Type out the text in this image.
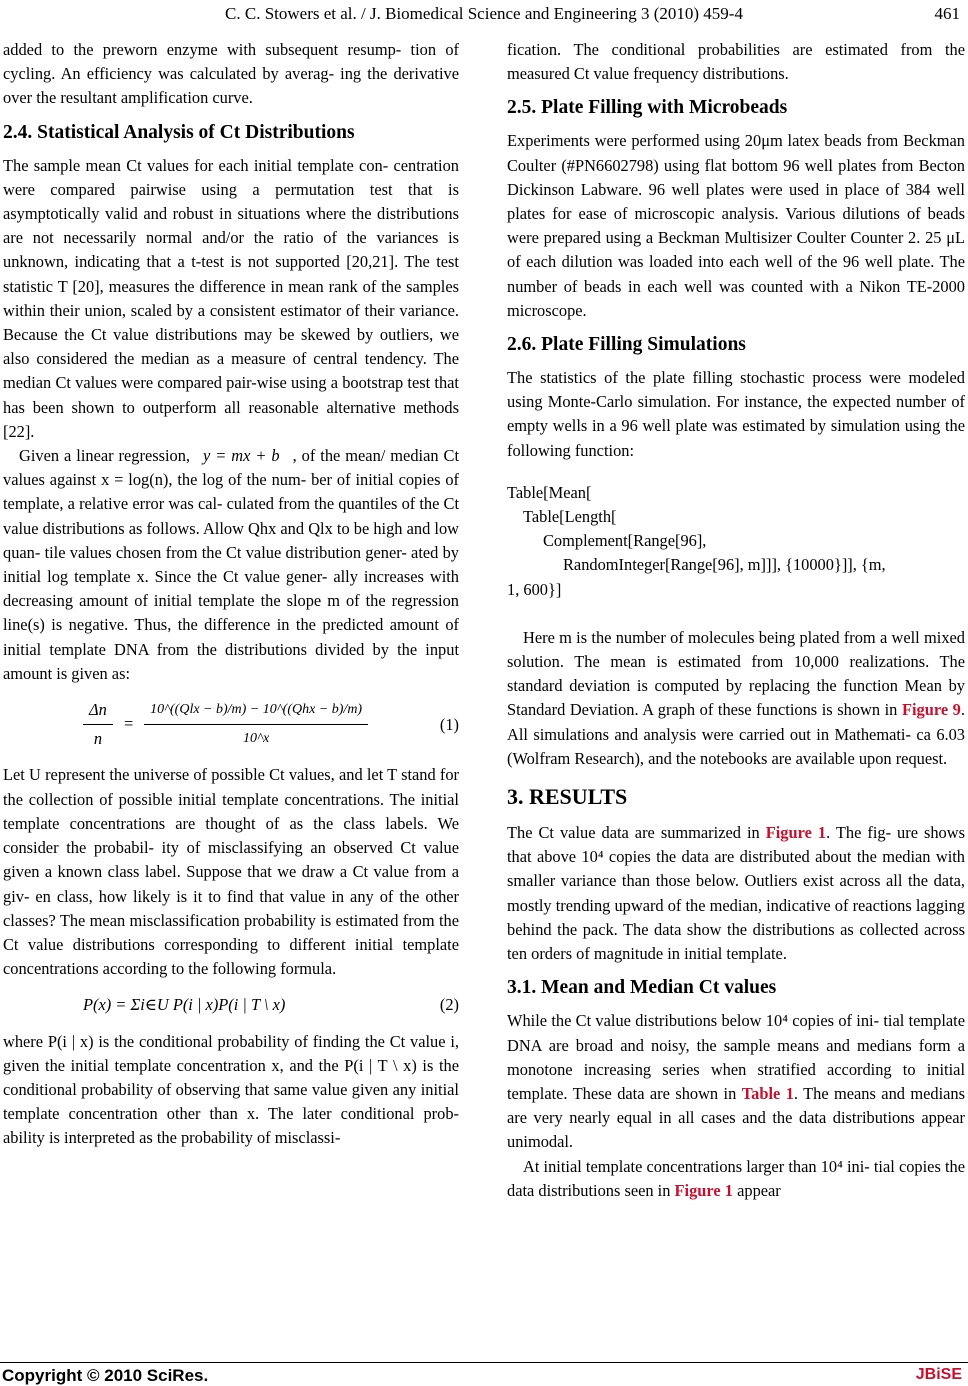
C. C. Stowers et al. / J. Biomedical Science and Engineering 3 (2010) 459-4	461

added to the preworn enzyme with subsequent resump- tion of cycling. An efficiency was calculated by averag- ing the derivative over the resultant amplification curve.

2.4. Statistical Analysis of Ct Distributions

The sample mean Ct values for each initial template con- centration were compared pairwise using a permutation test that is asymptotically valid and robust in situations where the distributions are not necessarily normal and/or the ratio of the variances is unknown, indicating that a t-test is not supported [20,21]. The test statistic T [20], measures the difference in mean rank of the samples within their union, scaled by a consistent estimator of their variance. Because the Ct value distributions may be skewed by outliers, we also considered the median as a measure of central tendency. The median Ct values were compared pair-wise using a bootstrap test that has been shown to outperform all reasonable alternative methods [22].

Given a linear regression, y = mx + b , of the mean/ median Ct values against x = log(n), the log of the num- ber of initial copies of template, a relative error was cal- culated from the quantiles of the Ct value distributions as follows. Allow Qhx and Qlx to be high and low quan- tile values chosen from the Ct value distribution gener- ated by initial log template x. Since the Ct value gener- ally increases with decreasing amount of initial template the slope m of the regression line(s) is negative. Thus, the difference in the predicted amount of initial template DNA from the distributions divided by the input amount is given as:

$\frac{\Delta n}{n} = \frac{\text{10\textasciicircum{}((Qlx − b)/m) − 10\textasciicircum{}((Qhx − b)/m)}}{10\^{}x}$	(1)

Let U represent the universe of possible Ct values, and let T stand for the collection of possible initial template concentrations. The initial template concentrations are thought of as the class labels. We consider the probabil- ity of misclassifying an observed Ct value given a known class label. Suppose that we draw a Ct value from a giv- en class, how likely is it to find that value in any of the other classes? The mean misclassification probability is estimated from the Ct value distributions corresponding to different initial template concentrations according to the following formula.

P(x) = Σi∈U P(i | x)P(i | T \ x)	(2)

where P(i | x) is the conditional probability of finding the Ct value i, given the initial template concentration x, and the P(i | T \ x) is the conditional probability of observing that same value given any initial template concentration other than x. The later conditional prob- ability is interpreted as the probability of misclassi-

fication. The conditional probabilities are estimated from the measured Ct value frequency distributions.

2.5. Plate Filling with Microbeads

Experiments were performed using 20μm latex beads from Beckman Coulter (#PN6602798) using flat bottom 96 well plates from Becton Dickinson Labware. 96 well plates were used in place of 384 well plates for ease of microscopic analysis. Various dilutions of beads were prepared using a Beckman Multisizer Coulter Counter 2. 25 μL of each dilution was loaded into each well of the 96 well plate. The number of beads in each well was counted with a Nikon TE-2000 microscope.

2.6. Plate Filling Simulations

The statistics of the plate filling stochastic process were modeled using Monte-Carlo simulation. For instance, the expected number of empty wells in a 96 well plate was estimated by simulation using the following function:

Table[Mean[
Table[Length[
Complement[Range[96],
RandomInteger[Range[96], m]]], {10000}]], {m,
1, 600}]

Here m is the number of molecules being plated from a well mixed solution. The mean is estimated from 10,000 realizations. The standard deviation is computed by replacing the function Mean by Standard Deviation. A graph of these functions is shown in Figure 9. All simulations and analysis were carried out in Mathemati- ca 6.03 (Wolfram Research), and the notebooks are available upon request.

3. RESULTS

The Ct value data are summarized in Figure 1. The fig- ure shows that above 10⁴ copies the data are distributed about the median with smaller variance than those below. Outliers exist across all the data, mostly trending upward of the median, indicative of reactions lagging behind the pack. The data show the distributions as collected across ten orders of magnitude in initial template.

3.1. Mean and Median Ct values

While the Ct value distributions below 10⁴ copies of ini- tial template DNA are broad and noisy, the sample means and medians form a monotone increasing series when stratified according to initial template. These data are shown in Table 1. The means and medians are very nearly equal in all cases and the data distributions appear unimodal.

At initial template concentrations larger than 10⁴ ini- tial copies the data distributions seen in Figure 1 appear

Copyright © 2010 SciRes.	JBiSE
